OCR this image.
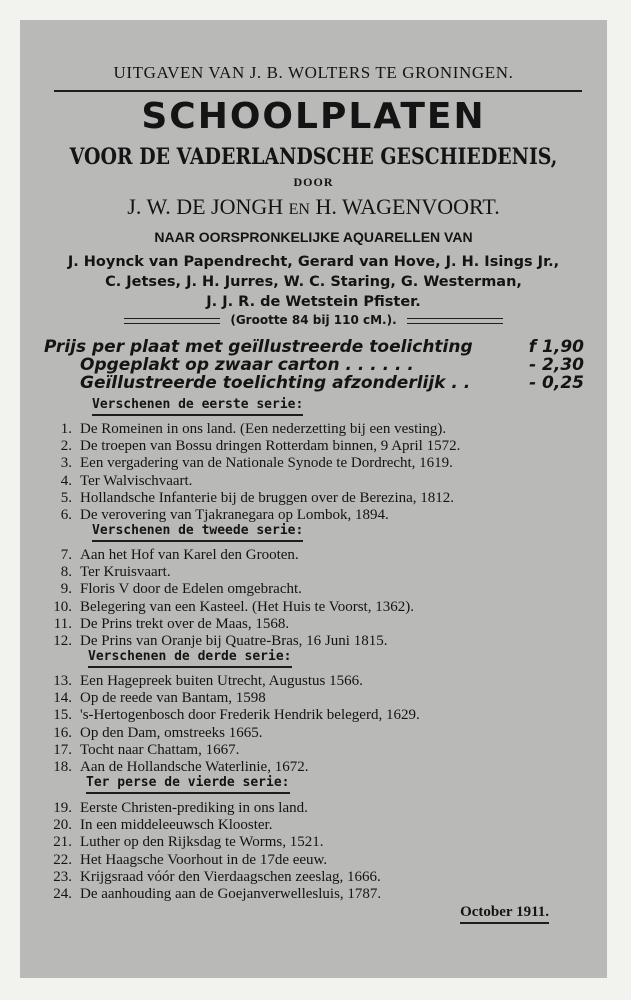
UITGAVEN VAN J. B. WOLTERS TE GRONINGEN.
SCHOOLPLATEN
VOOR DE VADERLANDSCHE GESCHIEDENIS,
DOOR
J. W. DE JONGH EN H. WAGENVOORT.
NAAR OORSPRONKELIJKE AQUARELLEN VAN
J. Hoynck van Papendrecht, Gerard van Hove, J. H. Isings Jr.,
C. Jetses, J. H. Jurres, W. C. Staring, G. Westerman,
J. J. R. de Wetstein Pfister.
(Grootte 84 bij 110 cM.).
Prijs per plaat met geïllustreerde toelichting	f 1,90
Opgeplakt op zwaar carton . . . . . .	- 2,30
Geïllustreerde toelichting afzonderlijk . .	- 0,25
Verschenen de eerste serie:
1. De Romeinen in ons land. (Een nederzetting bij een vesting).
2. De troepen van Bossu dringen Rotterdam binnen, 9 April 1572.
3. Een vergadering van de Nationale Synode te Dordrecht, 1619.
4. Ter Walvischvaart.
5. Hollandsche Infanterie bij de bruggen over de Berezina, 1812.
6. De verovering van Tjakranegara op Lombok, 1894.
Verschenen de tweede serie:
7. Aan het Hof van Karel den Grooten.
8. Ter Kruisvaart.
9. Floris V door de Edelen omgebracht.
10. Belegering van een Kasteel. (Het Huis te Voorst, 1362).
11. De Prins trekt over de Maas, 1568.
12. De Prins van Oranje bij Quatre-Bras, 16 Juni 1815.
Verschenen de derde serie:
13. Een Hagepreek buiten Utrecht, Augustus 1566.
14. Op de reede van Bantam, 1598
15. 's-Hertogenbosch door Frederik Hendrik belegerd, 1629.
16. Op den Dam, omstreeks 1665.
17. Tocht naar Chattam, 1667.
18. Aan de Hollandsche Waterlinie, 1672.
Ter perse de vierde serie:
19. Eerste Christen-prediking in ons land.
20. In een middeleeuwsch Klooster.
21. Luther op den Rijksdag te Worms, 1521.
22. Het Haagsche Voorhout in de 17de eeuw.
23. Krijgsraad vóór den Vierdaagschen zeeslag, 1666.
24. De aanhouding aan de Goejanverwellesluis, 1787.
October 1911.
